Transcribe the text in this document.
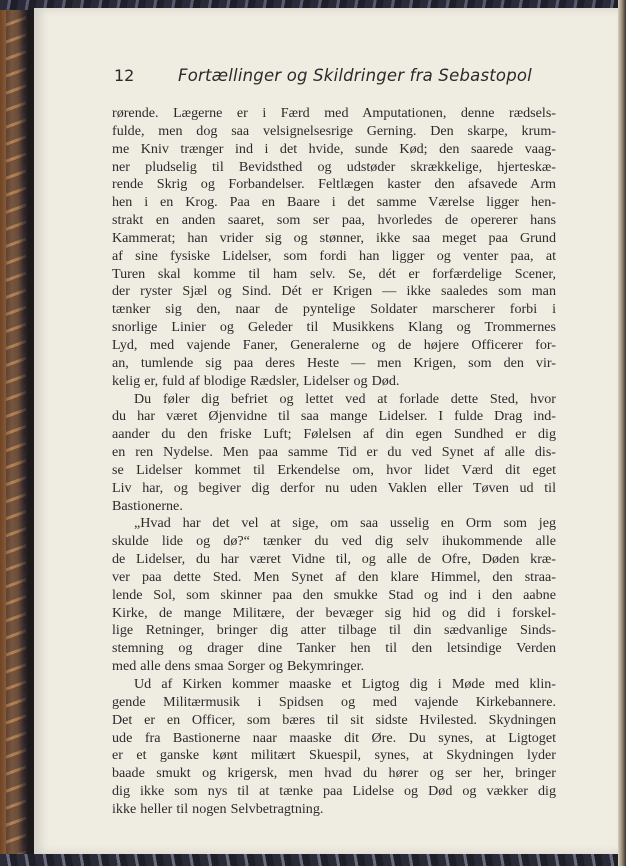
12	Fortællinger og Skildringer fra Sebastopol
rørende. Lægerne er i Færd med Amputationen, denne rædsels-
fulde, men dog saa velsignelsesrige Gerning. Den skarpe, krum-
me Kniv trænger ind i det hvide, sunde Kød; den saarede vaag-
ner pludselig til Bevidsthed og udstøder skrækkelige, hjerteskæ-
rende Skrig og Forbandelser. Feltlægen kaster den afsavede Arm
hen i en Krog. Paa en Baare i det samme Værelse ligger hen-
strakt en anden saaret, som ser paa, hvorledes de opererer hans
Kammerat; han vrider sig og stønner, ikke saa meget paa Grund
af sine fysiske Lidelser, som fordi han ligger og venter paa, at
Turen skal komme til ham selv. Se, dét er forfærdelige Scener,
der ryster Sjæl og Sind. Dét er Krigen — ikke saaledes som man
tænker sig den, naar de pyntelige Soldater marscherer forbi i
snorlige Linier og Geleder til Musikkens Klang og Trommernes
Lyd, med vajende Faner, Generalerne og de højere Officerer for-
an, tumlende sig paa deres Heste — men Krigen, som den vir-
kelig er, fuld af blodige Rædsler, Lidelser og Død.
Du føler dig befriet og lettet ved at forlade dette Sted, hvor
du har været Øjenvidne til saa mange Lidelser. I fulde Drag ind-
aander du den friske Luft; Følelsen af din egen Sundhed er dig
en ren Nydelse. Men paa samme Tid er du ved Synet af alle dis-
se Lidelser kommet til Erkendelse om, hvor lidet Værd dit eget
Liv har, og begiver dig derfor nu uden Vaklen eller Tøven ud til
Bastionerne.
„Hvad har det vel at sige, om saa usselig en Orm som jeg
skulde lide og dø?“ tænker du ved dig selv ihukommende alle
de Lidelser, du har været Vidne til, og alle de Ofre, Døden kræ-
ver paa dette Sted. Men Synet af den klare Himmel, den straa-
lende Sol, som skinner paa den smukke Stad og ind i den aabne
Kirke, de mange Militære, der bevæger sig hid og did i forskel-
lige Retninger, bringer dig atter tilbage til din sædvanlige Sinds-
stemning og drager dine Tanker hen til den letsindige Verden
med alle dens smaa Sorger og Bekymringer.
Ud af Kirken kommer maaske et Ligtog dig i Møde med klin-
gende Militærmusik i Spidsen og med vajende Kirkebannere.
Det er en Officer, som bæres til sit sidste Hvilested. Skydningen
ude fra Bastionerne naar maaske dit Øre. Du synes, at Ligtoget
er et ganske kønt militært Skuespil, synes, at Skydningen lyder
baade smukt og krigersk, men hvad du hører og ser her, bringer
dig ikke som nys til at tænke paa Lidelse og Død og vækker dig
ikke heller til nogen Selvbetragtning.
